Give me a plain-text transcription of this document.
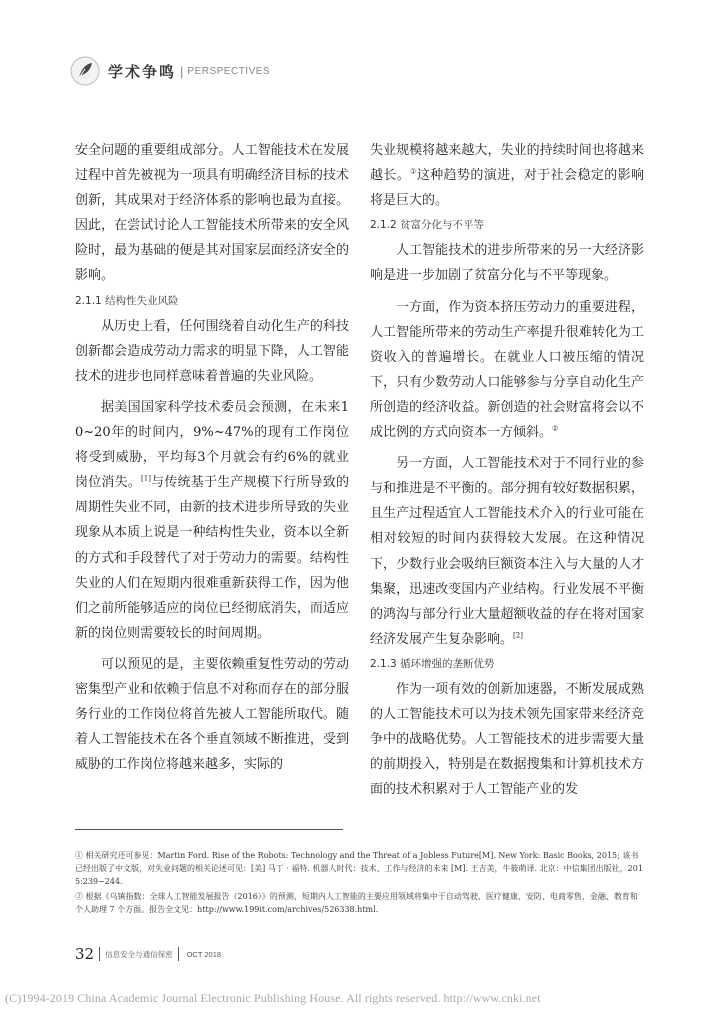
学术争鸣 | PERSPECTIVES

安全问题的重要组成部分。人工智能技术在发展过程中首先被视为一项具有明确经济目标的技术创新，其成果对于经济体系的影响也最为直接。因此，在尝试讨论人工智能技术所带来的安全风险时，最为基础的便是其对国家层面经济安全的影响。

2.1.1 结构性失业风险

从历史上看，任何围绕着自动化生产的科技创新都会造成劳动力需求的明显下降，人工智能技术的进步也同样意味着普遍的失业风险。

据美国国家科学技术委员会预测，在未来10~20年的时间内，9%~47%的现有工作岗位将受到威胁，平均每3个月就会有约6%的就业岗位消失。[1]与传统基于生产规模下行所导致的周期性失业不同，由新的技术进步所导致的失业现象从本质上说是一种结构性失业，资本以全新的方式和手段替代了对于劳动力的需要。结构性失业的人们在短期内很难重新获得工作，因为他们之前所能够适应的岗位已经彻底消失，而适应新的岗位则需要较长的时间周期。

可以预见的是，主要依赖重复性劳动的劳动密集型产业和依赖于信息不对称而存在的部分服务行业的工作岗位将首先被人工智能所取代。随着人工智能技术在各个垂直领域不断推进，受到威胁的工作岗位将越来越多，实际的

失业规模将越来越大，失业的持续时间也将越来越长。①这种趋势的演进，对于社会稳定的影响将是巨大的。

2.1.2 贫富分化与不平等

人工智能技术的进步所带来的另一大经济影响是进一步加剧了贫富分化与不平等现象。

一方面，作为资本挤压劳动力的重要进程，人工智能所带来的劳动生产率提升很难转化为工资收入的普遍增长。在就业人口被压缩的情况下，只有少数劳动人口能够参与分享自动化生产所创造的经济收益。新创造的社会财富将会以不成比例的方式向资本一方倾斜。②

另一方面，人工智能技术对于不同行业的参与和推进是不平衡的。部分拥有较好数据积累，且生产过程适宜人工智能技术介入的行业可能在相对较短的时间内获得较大发展。在这种情况下，少数行业会吸纳巨额资本注入与大量的人才集聚，迅速改变国内产业结构。行业发展不平衡的鸿沟与部分行业大量超额收益的存在将对国家经济发展产生复杂影响。[2]

2.1.3 循环增强的垄断优势

作为一项有效的创新加速器，不断发展成熟的人工智能技术可以为技术领先国家带来经济竞争中的战略优势。人工智能技术的进步需要大量的前期投入，特别是在数据搜集和计算机技术方面的技术积累对于人工智能产业的发

① 相关研究还可参见：Martin Ford. Rise of the Robots: Technology and the Threat of a Jobless Future[M]. New York: Basic Books, 2015; 该书已经出版了中文版，对失业问题的相关论述可见：[美] 马丁 · 福特. 机器人时代：技术、工作与经济的未来 [M]. 王吉美，牛筱萌译. 北京：中信集团出版社，2015:239~244.

② 根据《乌镇指数：全球人工智能发展报告（2016）》的预测，短期内人工智能的主要应用领域将集中于自动驾驶、医疗健康、安防、电商零售、金融、教育和个人助理 7 个方面。报告全文见：http://www.199it.com/archives/526338.html.

32 信息安全与通信保密 OCT 2018
(C)1994-2019 China Academic Journal Electronic Publishing House. All rights reserved. http://www.cnki.net
